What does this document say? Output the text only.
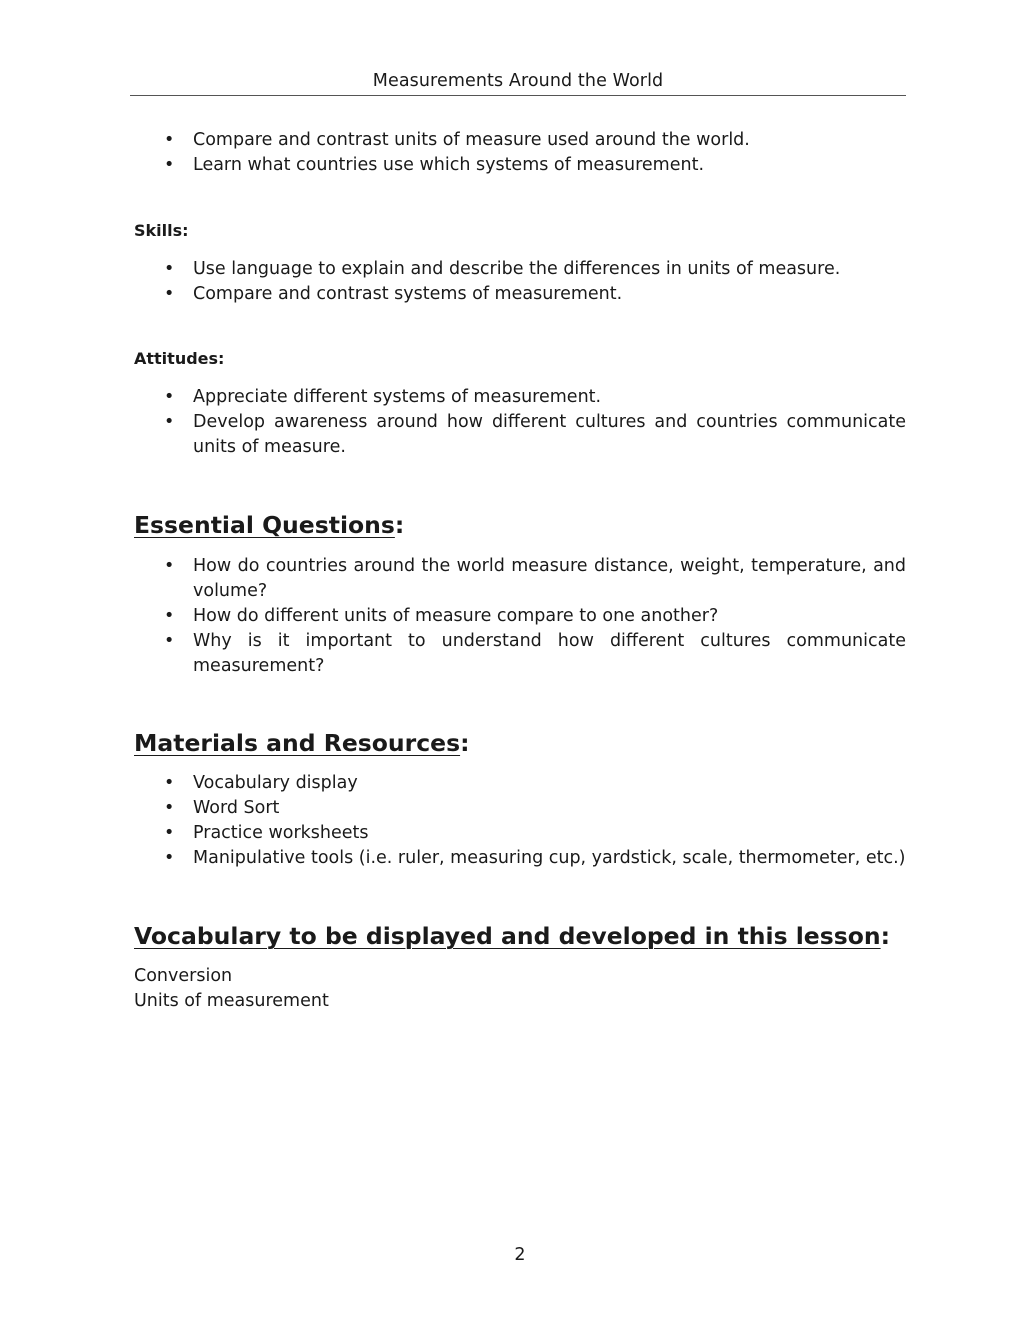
Measurements Around the World
• Compare and contrast units of measure used around the world.
• Learn what countries use which systems of measurement.
Skills:
• Use language to explain and describe the differences in units of measure.
• Compare and contrast systems of measurement.
Attitudes:
• Appreciate different systems of measurement.
• Develop awareness around how different cultures and countries communicate units of measure.
Essential Questions:
• How do countries around the world measure distance, weight, temperature, and volume?
• How do different units of measure compare to one another?
• Why is it important to understand how different cultures communicate measurement?
Materials and Resources:
• Vocabulary display
• Word Sort
• Practice worksheets
• Manipulative tools (i.e. ruler, measuring cup, yardstick, scale, thermometer, etc.)
Vocabulary to be displayed and developed in this lesson:
Conversion
Units of measurement
2
